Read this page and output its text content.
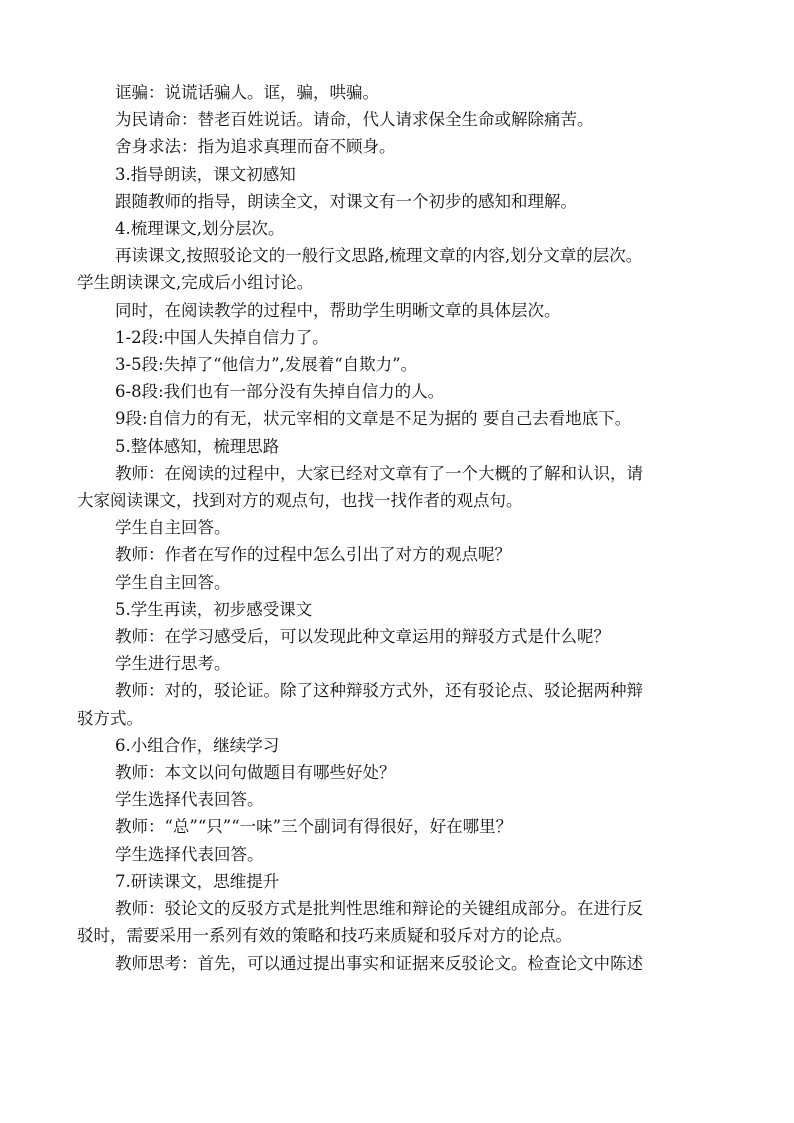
诓骗：说谎话骗人。诓，骗，哄骗。

为民请命：替老百姓说话。请命，代人请求保全生命或解除痛苦。

舍身求法：指为追求真理而奋不顾身。

3.指导朗读，课文初感知

跟随教师的指导，朗读全文，对课文有一个初步的感知和理解。

4.梳理课文,划分层次。

再读课文,按照驳论文的一般行文思路,梳理文章的内容,划分文章的层次。

学生朗读课文,完成后小组讨论。

同时，在阅读教学的过程中，帮助学生明晰文章的具体层次。

1-2段:中国人失掉自信力了。

3-5段:失掉了“他信力”,发展着“自欺力”。

6-8段:我们也有一部分没有失掉自信力的人。

9段:自信力的有无，状元宰相的文章是不足为据的 要自己去看地底下。

5.整体感知，梳理思路

教师：在阅读的过程中，大家已经对文章有了一个大概的了解和认识，请

大家阅读课文，找到对方的观点句，也找一找作者的观点句。

学生自主回答。

教师：作者在写作的过程中怎么引出了对方的观点呢？

学生自主回答。

5.学生再读，初步感受课文

教师：在学习感受后，可以发现此种文章运用的辩驳方式是什么呢？

学生进行思考。

教师：对的，驳论证。除了这种辩驳方式外，还有驳论点、驳论据两种辩

驳方式。

6.小组合作，继续学习

教师：本文以问句做题目有哪些好处？

学生选择代表回答。

教师：“总”“只”“一味”三个副词有得很好，好在哪里？

学生选择代表回答。

7.研读课文，思维提升

教师：驳论文的反驳方式是批判性思维和辩论的关键组成部分。在进行反

驳时，需要采用一系列有效的策略和技巧来质疑和驳斥对方的论点。

教师思考：首先，可以通过提出事实和证据来反驳论文。检查论文中陈述
